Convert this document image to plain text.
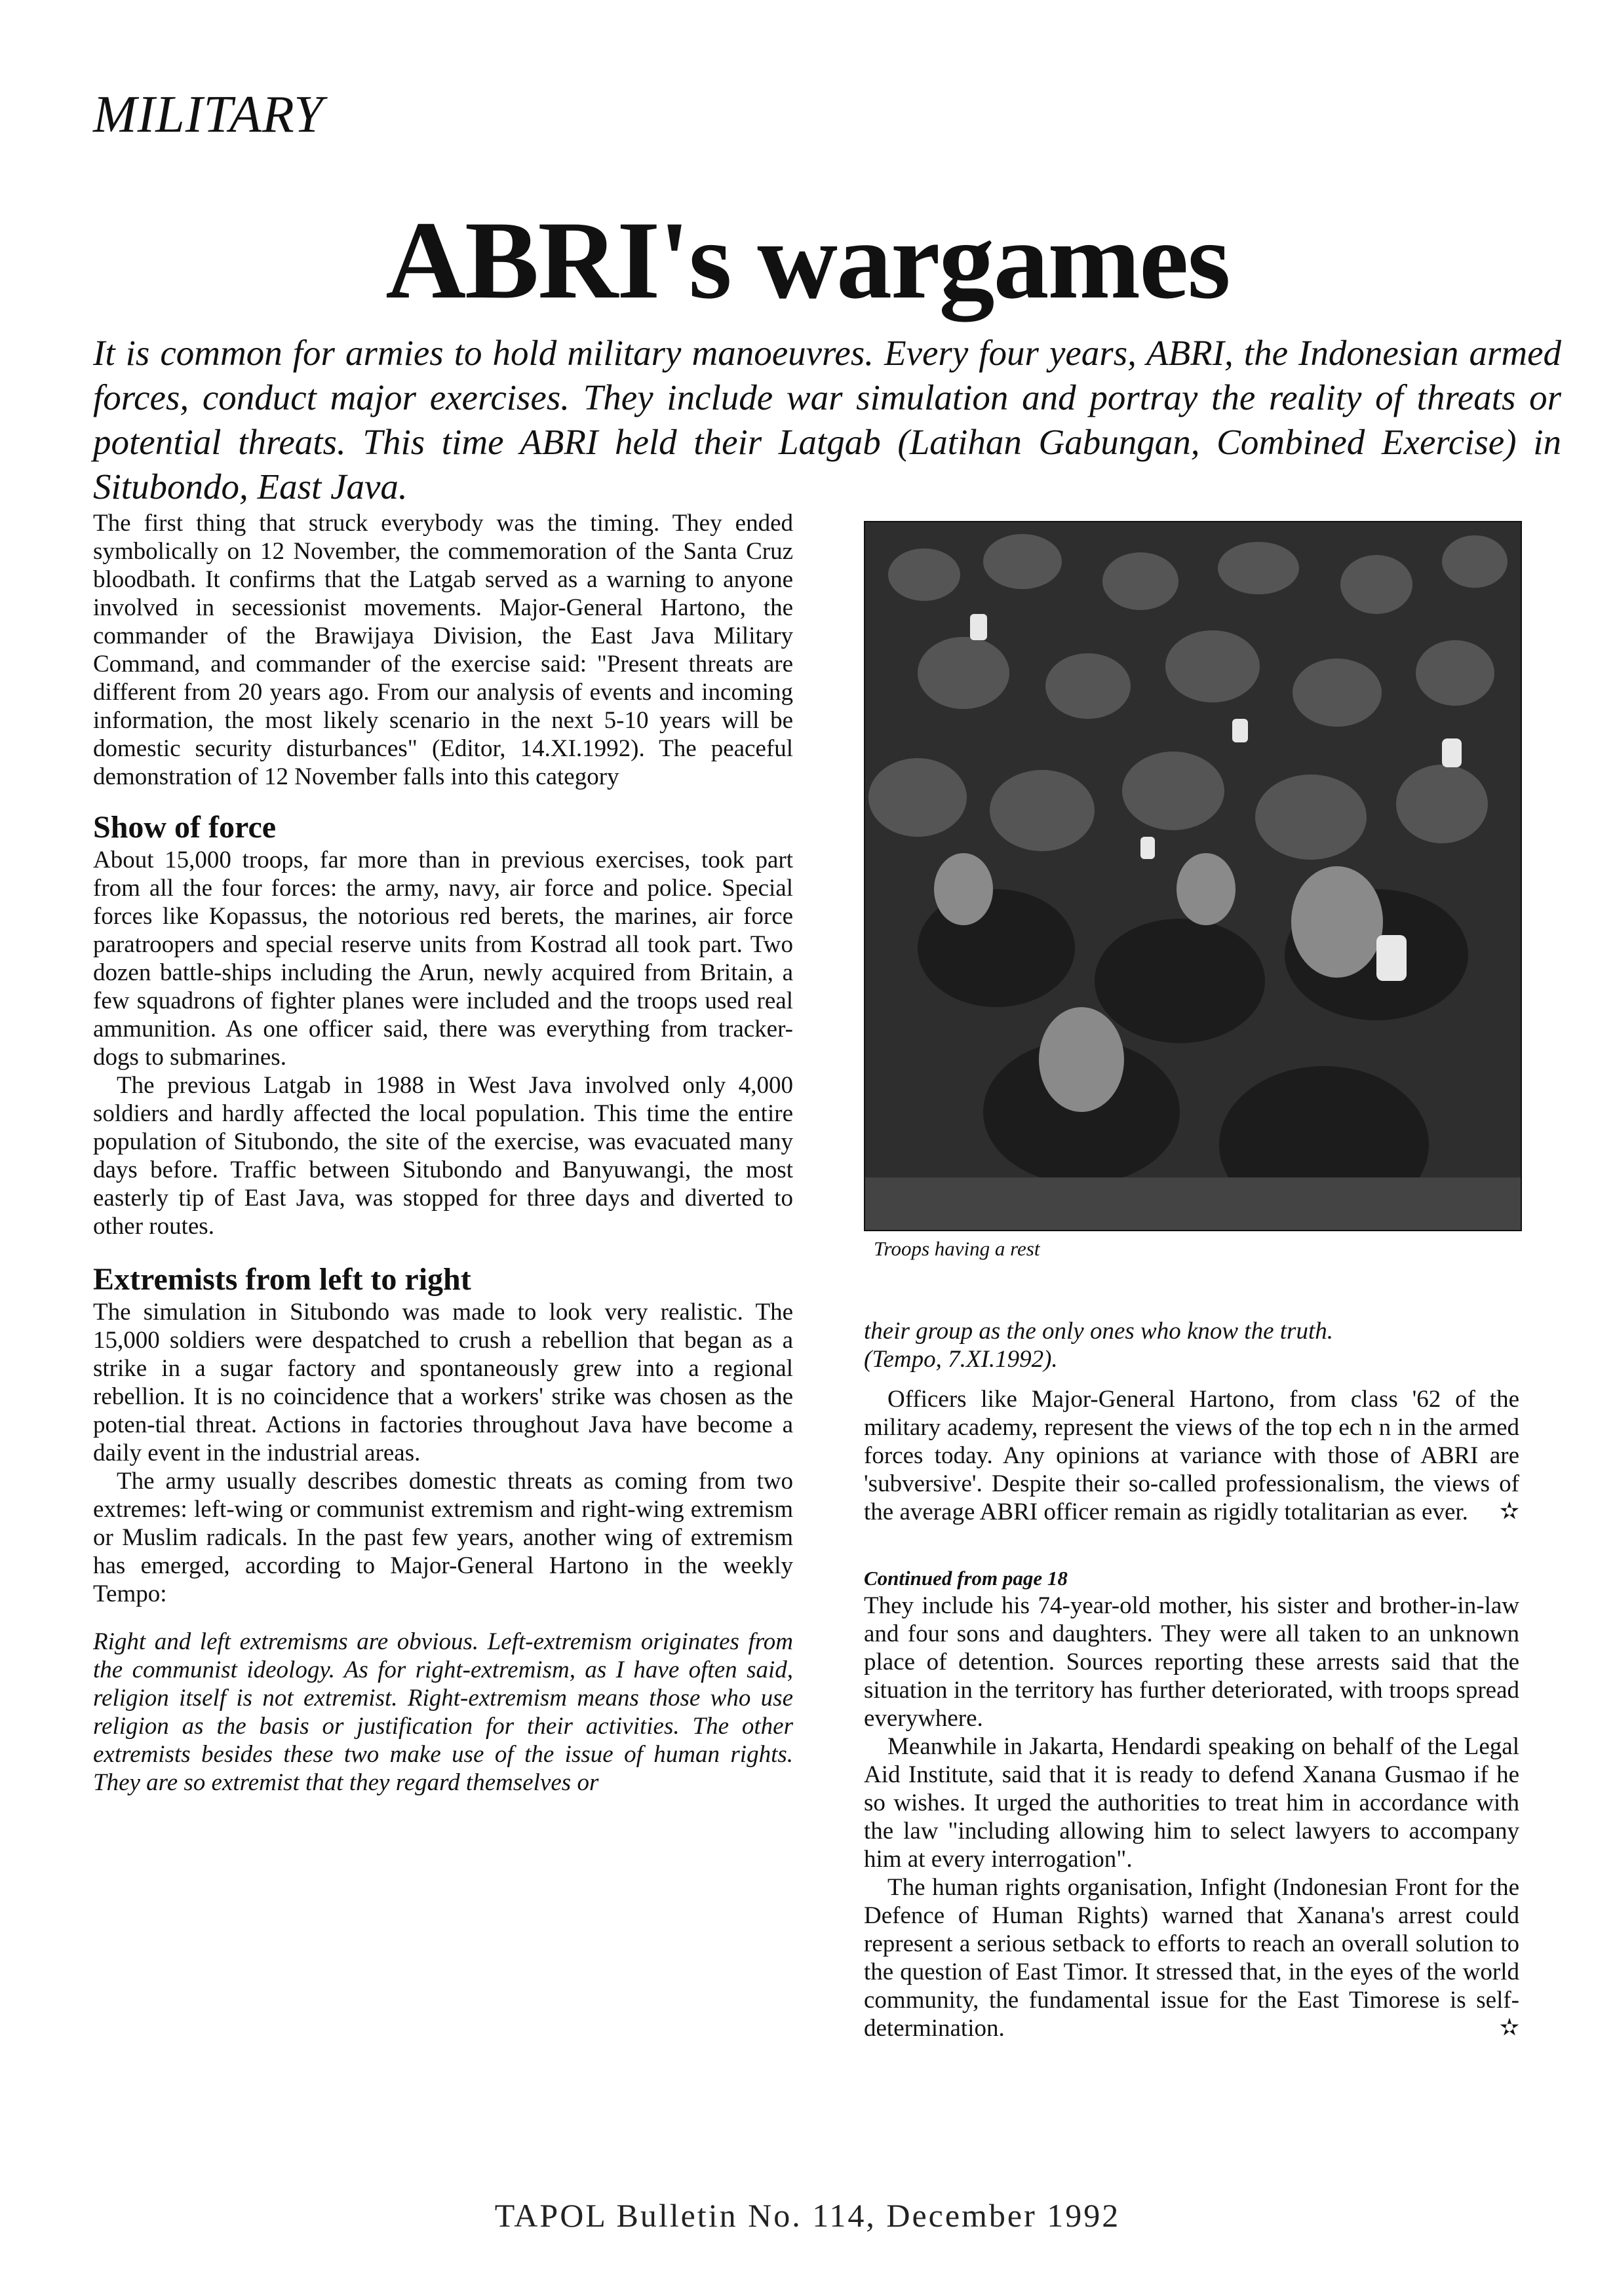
MILITARY
ABRI's wargames

It is common for armies to hold military manoeuvres. Every four years, ABRI, the Indonesian armed forces, conduct major exercises. They include war simulation and portray the reality of threats or potential threats. This time ABRI held their Latgab (Latihan Gabungan, Combined Exercise) in Situbondo, East Java.

The first thing that struck everybody was the timing. They ended symbolically on 12 November, the commemoration of the Santa Cruz bloodbath. It confirms that the Latgab served as a warning to anyone involved in secessionist movements. Major-General Hartono, the commander of the Brawijaya Division, the East Java Military Command, and commander of the exercise said: "Present threats are different from 20 years ago. From our analysis of events and incoming information, the most likely scenario in the next 5-10 years will be domestic security disturbances" (Editor, 14.XI.1992). The peaceful demonstration of 12 November falls into this category

Show of force

About 15,000 troops, far more than in previous exercises, took part from all the four forces: the army, navy, air force and police. Special forces like Kopassus, the notorious red berets, the marines, air force paratroopers and special reserve units from Kostrad all took part. Two dozen battle-ships including the Arun, newly acquired from Britain, a few squadrons of fighter planes were included and the troops used real ammunition. As one officer said, there was everything from tracker-dogs to submarines.

The previous Latgab in 1988 in West Java involved only 4,000 soldiers and hardly affected the local population. This time the entire population of Situbondo, the site of the exercise, was evacuated many days before. Traffic between Situbondo and Banyuwangi, the most easterly tip of East Java, was stopped for three days and diverted to other routes.

Extremists from left to right

The simulation in Situbondo was made to look very realistic. The 15,000 soldiers were despatched to crush a rebellion that began as a strike in a sugar factory and spontaneously grew into a regional rebellion. It is no coincidence that a workers' strike was chosen as the poten-tial threat. Actions in factories throughout Java have become a daily event in the industrial areas.

The army usually describes domestic threats as coming from two extremes: left-wing or communist extremism and right-wing extremism or Muslim radicals. In the past few years, another wing of extremism has emerged, according to Major-General Hartono in the weekly Tempo:

Right and left extremisms are obvious. Left-extremism originates from the communist ideology. As for right-extremism, as I have often said, religion itself is not extremist. Right-extremism means those who use religion as the basis or justification for their activities. The other extremists besides these two make use of the issue of human rights. They are so extremist that they regard themselves or

Troops having a rest

their group as the only ones who know the truth.

(Tempo, 7.XI.1992).

Officers like Major-General Hartono, from class '62 of the military academy, represent the views of the top ech n in the armed forces today. Any opinions at variance with those of ABRI are 'subversive'. Despite their so-called professionalism, the views of the average ABRI officer remain as rigidly totalitarian as ever.	✫

Continued from page 18

They include his 74-year-old mother, his sister and brother-in-law and four sons and daughters. They were all taken to an unknown place of detention. Sources reporting these arrests said that the situation in the territory has further deteriorated, with troops spread everywhere.

Meanwhile in Jakarta, Hendardi speaking on behalf of the Legal Aid Institute, said that it is ready to defend Xanana Gusmao if he so wishes. It urged the authorities to treat him in accordance with the law "including allowing him to select lawyers to accompany him at every interrogation".

The human rights organisation, Infight (Indonesian Front for the Defence of Human Rights) warned that Xanana's arrest could represent a serious setback to efforts to reach an overall solution to the question of East Timor. It stressed that, in the eyes of the world community, the fundamental issue for the East Timorese is self-determination.	✫

TAPOL Bulletin No. 114, December 1992
